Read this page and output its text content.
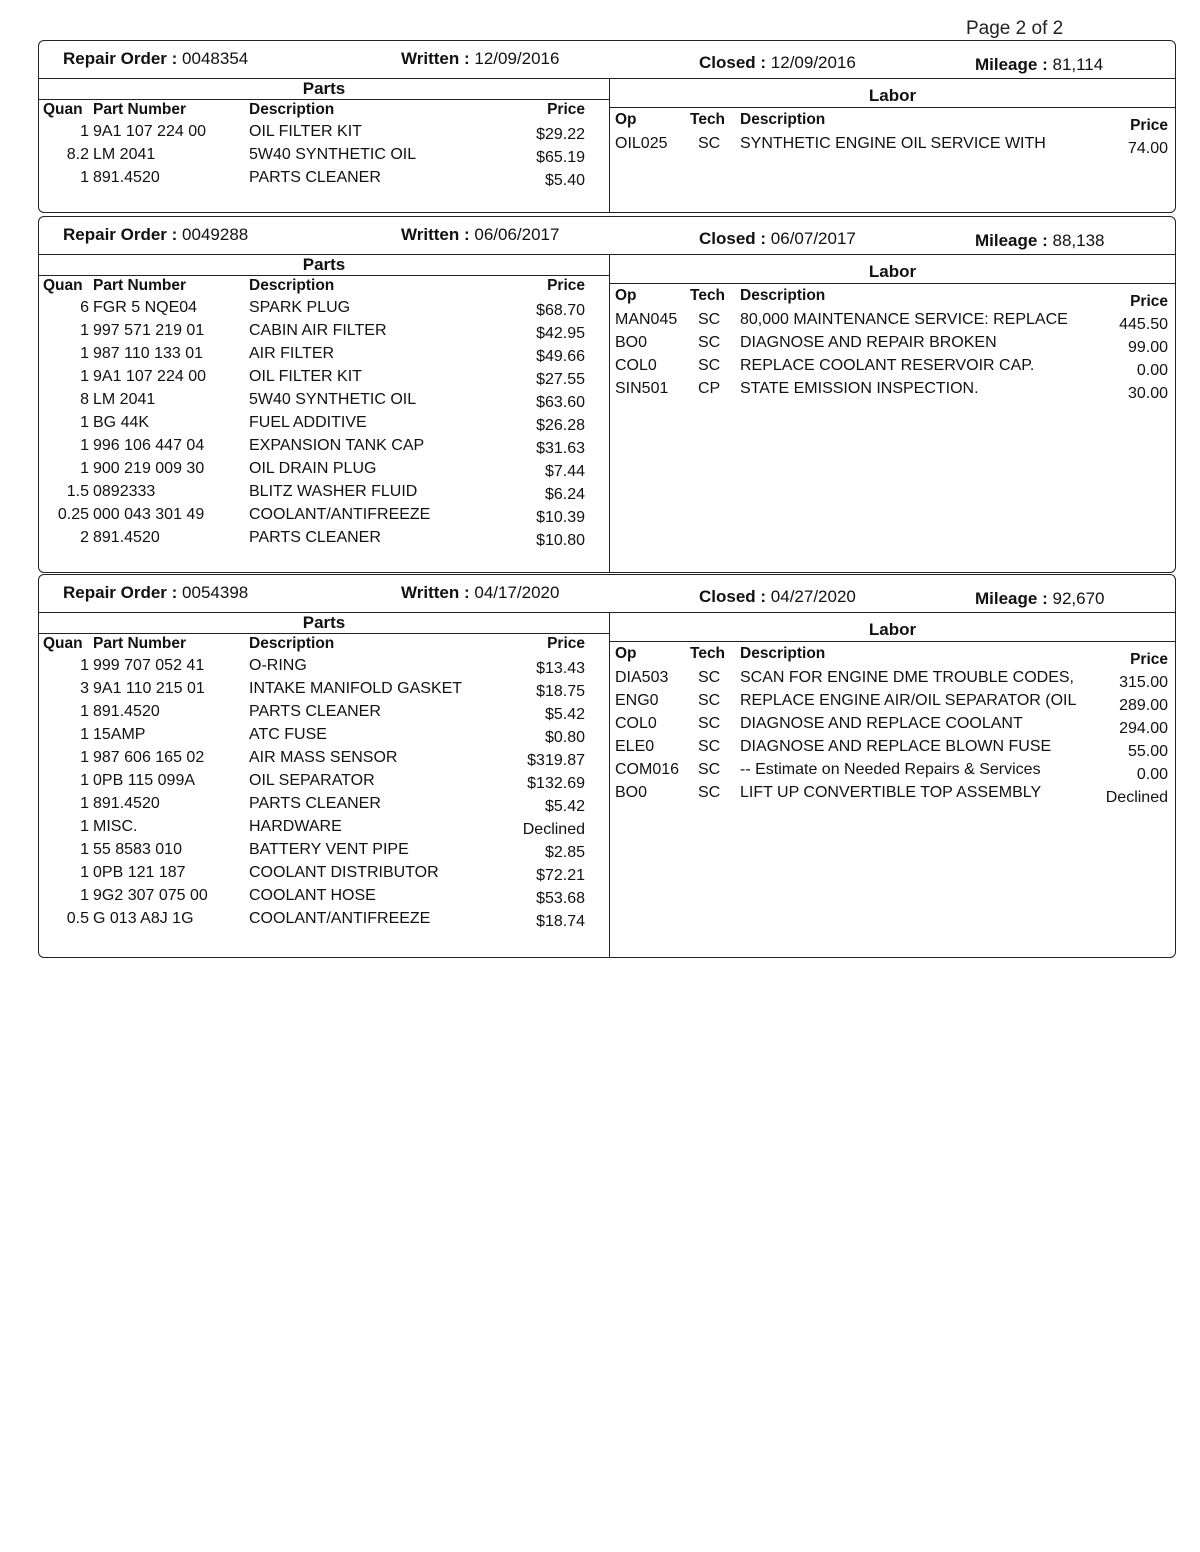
Page 2 of 2
Repair Order : 0048354	Written : 12/09/2016	Closed : 12/09/2016	Mileage : 81,114
Parts	Labor
Quan Part Number	Description	Price
Op	Tech Description	Price
1 9A1 107 224 00	OIL FILTER KIT	$29.22
8.2 LM 2041	5W40 SYNTHETIC OIL	$65.19
1 891.4520	PARTS CLEANER	$5.40
OIL025 SC SYNTHETIC ENGINE OIL SERVICE WITH	74.00
Repair Order : 0049288	Written : 06/06/2017	Closed : 06/07/2017	Mileage : 88,138
Parts	Labor
Quan Part Number	Description	Price
Op	Tech Description	Price
6 FGR 5 NQE04	SPARK PLUG	$68.70
1 997 571 219 01	CABIN AIR FILTER	$42.95
1 987 110 133 01	AIR FILTER	$49.66
1 9A1 107 224 00	OIL FILTER KIT	$27.55
8 LM 2041	5W40 SYNTHETIC OIL	$63.60
1 BG 44K	FUEL ADDITIVE	$26.28
1 996 106 447 04	EXPANSION TANK CAP	$31.63
1 900 219 009 30	OIL DRAIN PLUG	$7.44
1.5 0892333	BLITZ WASHER FLUID	$6.24
0.25 000 043 301 49	COOLANT/ANTIFREEZE	$10.39
2 891.4520	PARTS CLEANER	$10.80
MAN045 SC 80,000 MAINTENANCE SERVICE: REPLACE	445.50
BO0	SC DIAGNOSE AND REPAIR BROKEN	99.00
COL0	SC REPLACE COOLANT RESERVOIR CAP.	0.00
SIN501 CP STATE EMISSION INSPECTION.	30.00
Repair Order : 0054398	Written : 04/17/2020	Closed : 04/27/2020	Mileage : 92,670
Parts	Labor
Quan Part Number	Description	Price
Op	Tech Description	Price
1 999 707 052 41	O-RING	$13.43
3 9A1 110 215 01	INTAKE MANIFOLD GASKET	$18.75
1 891.4520	PARTS CLEANER	$5.42
1 15AMP	ATC FUSE	$0.80
1 987 606 165 02	AIR MASS SENSOR	$319.87
1 0PB 115 099A	OIL SEPARATOR	$132.69
1 891.4520	PARTS CLEANER	$5.42
1 MISC.	HARDWARE	Declined
1 55 8583 010	BATTERY VENT PIPE	$2.85
1 0PB 121 187	COOLANT DISTRIBUTOR	$72.21
1 9G2 307 075 00	COOLANT HOSE	$53.68
0.5 G 013 A8J 1G	COOLANT/ANTIFREEZE	$18.74
DIA503 SC SCAN FOR ENGINE DME TROUBLE CODES,	315.00
ENG0 SC REPLACE ENGINE AIR/OIL SEPARATOR (OIL	289.00
COL0	SC DIAGNOSE AND REPLACE COOLANT	294.00
ELE0	SC DIAGNOSE AND REPLACE BLOWN FUSE	55.00
COM016 SC -- Estimate on Needed Repairs & Services	0.00
BO0	SC LIFT UP CONVERTIBLE TOP ASSEMBLY	Declined
